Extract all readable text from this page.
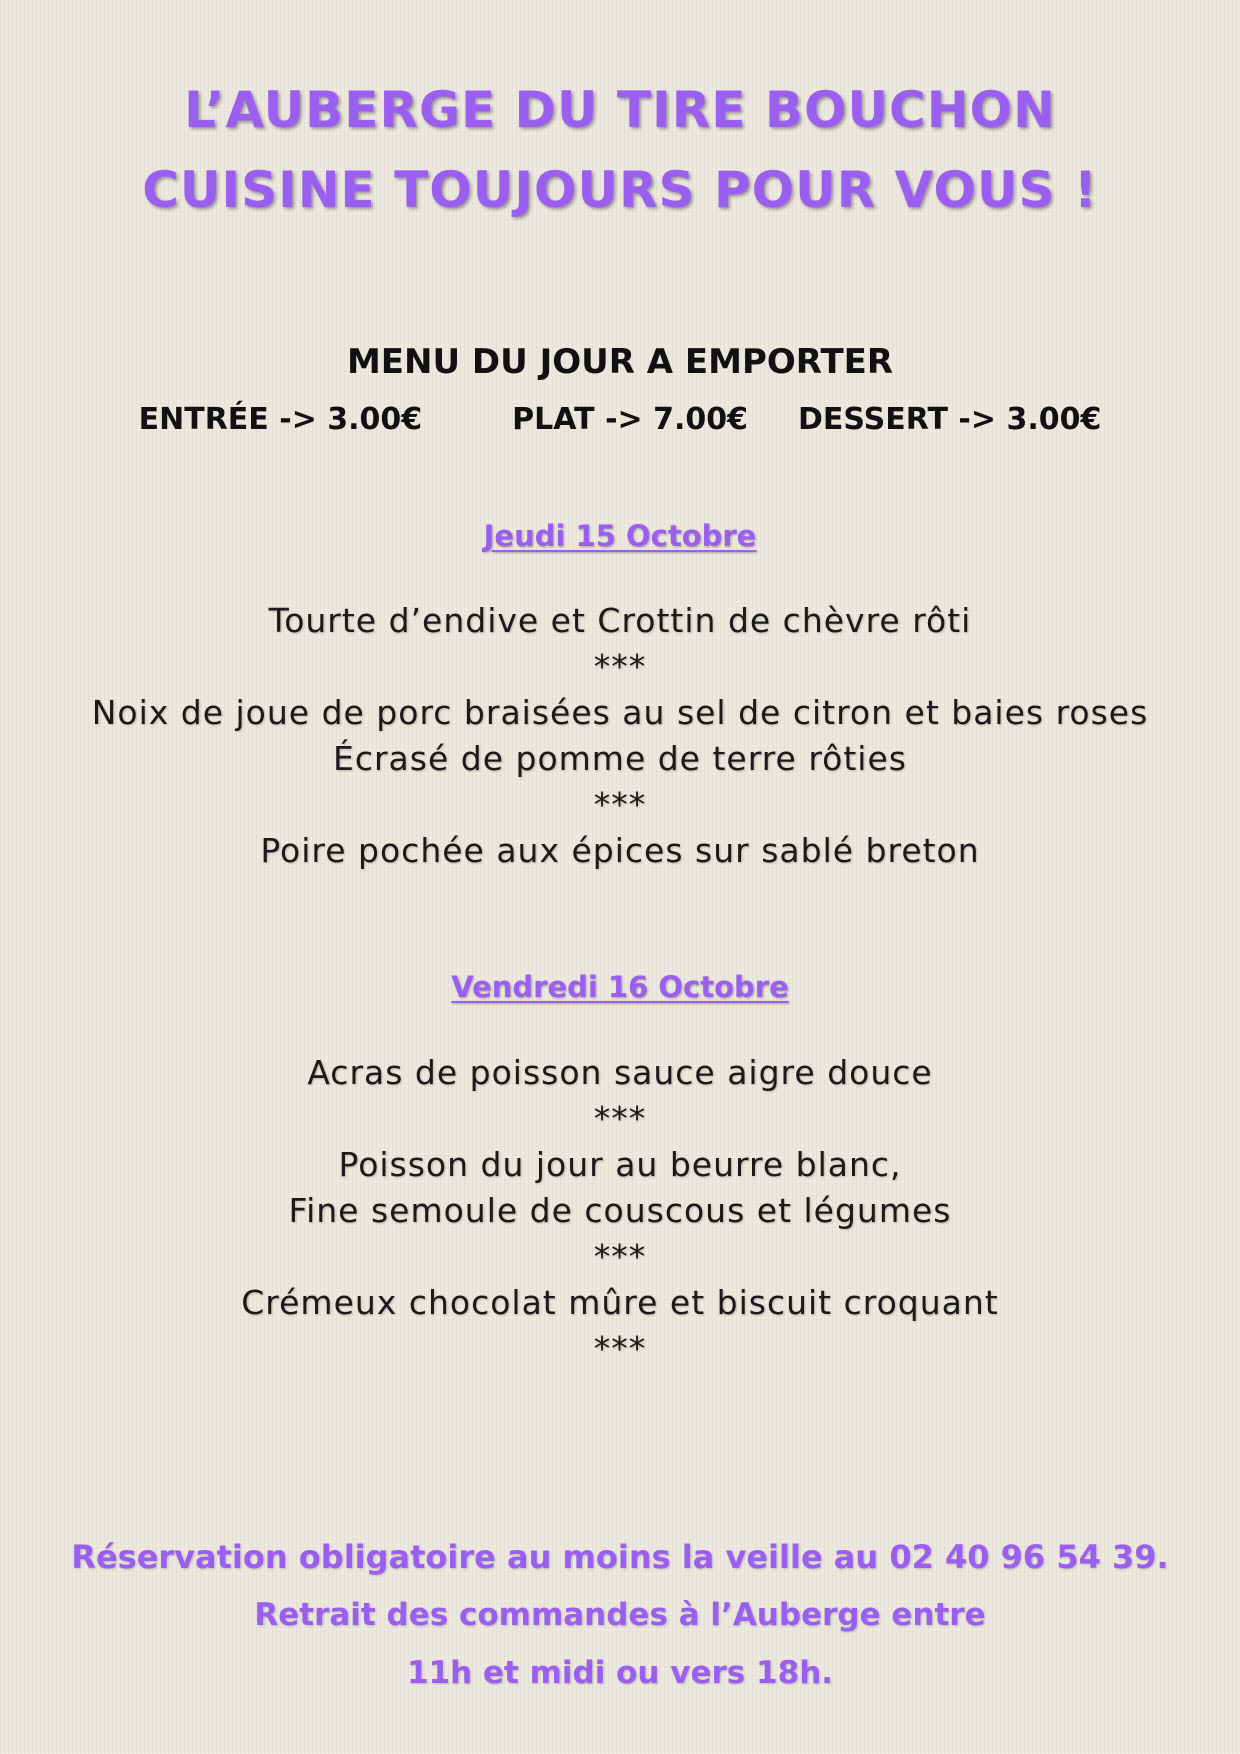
L’AUBERGE DU TIRE BOUCHON
CUISINE TOUJOURS POUR VOUS !
MENU DU JOUR A EMPORTER
ENTRÉE -> 3.00€	PLAT -> 7.00€ DESSERT -> 3.00€
Jeudi 15 Octobre
Tourte d’endive et Crottin de chèvre rôti
***
Noix de joue de porc braisées au sel de citron et baies roses
Écrasé de pomme de terre rôties
***
Poire pochée aux épices sur sablé breton
Vendredi 16 Octobre
Acras de poisson sauce aigre douce
***
Poisson du jour au beurre blanc,
Fine semoule de couscous et légumes
***
Crémeux chocolat mûre et biscuit croquant
***
Réservation obligatoire au moins la veille au 02 40 96 54 39.
Retrait des commandes à l’Auberge entre
11h et midi ou vers 18h.
